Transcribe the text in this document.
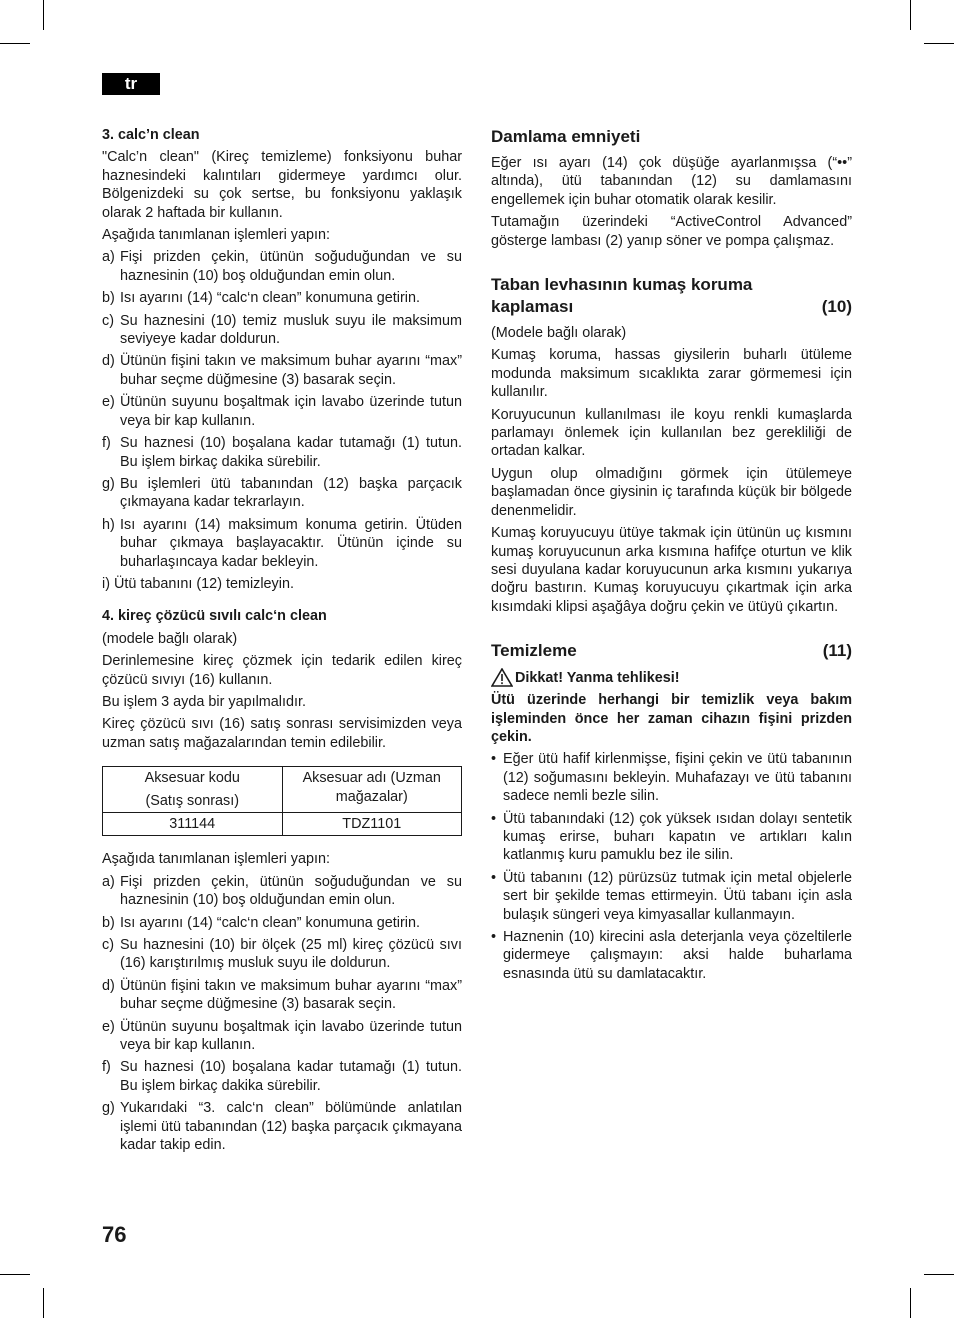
tr
3. calc’n clean

"Calc’n clean" (Kireç temizleme) fonksiyonu buhar haznesindeki kalıntıları gidermeye yardımcı olur. Bölgenizdeki su çok sertse, bu fonksiyonu yaklaşık olarak 2 haftada bir kullanın.

Aşağıda tanımlanan işlemleri yapın:

a) Fişi prizden çekin, ütünün soğuduğundan ve su haznesinin (10) boş olduğundan emin olun.
b) Isı ayarını (14) “calc‘n clean” konumuna getirin.
c) Su haznesini (10) temiz musluk suyu ile maksimum seviyeye kadar doldurun.
d) Ütünün fişini takın ve maksimum buhar ayarını “max” buhar seçme düğmesine (3) basarak seçin.
e) Ütünün suyunu boşaltmak için lavabo üzerinde tutun veya bir kap kullanın.
f) Su haznesi (10) boşalana kadar tutamağı (1) tutun. Bu işlem birkaç dakika sürebilir.
g) Bu işlemleri ütü tabanından (12) başka parçacık çıkmayana kadar tekrarlayın.
h) Isı ayarını (14) maksimum konuma getirin. Ütüden buhar çıkmaya başlayacaktır. Ütünün içinde su buharlaşıncaya kadar bekleyin.

i) Ütü tabanını (12) temizleyin.

4. kireç çözücü sıvılı calc‘n clean

(modele bağlı olarak)

Derinlemesine kireç çözmek için tedarik edilen kireç çözücü sıvıyı (16) kullanın.

Bu işlem 3 ayda bir yapılmalıdır.

Kireç çözücü sıvı (16) satış sonrası servisimizden veya uzman satış mağazalarından temin edilebilir.

Aksesuar kodu
(Satış sonrası)	Aksesuar adı (Uzman mağazalar)
311144	TDZ1101

Aşağıda tanımlanan işlemleri yapın:

a) Fişi prizden çekin, ütünün soğuduğundan ve su haznesinin (10) boş olduğundan emin olun.
b) Isı ayarını (14) “calc‘n clean” konumuna getirin.
c) Su haznesini (10) bir ölçek (25 ml) kireç çözücü sıvı (16) karıştırılmış musluk suyu ile doldurun.
d) Ütünün fişini takın ve maksimum buhar ayarını “max” buhar seçme düğmesine (3) basarak seçin.
e) Ütünün suyunu boşaltmak için lavabo üzerinde tutun veya bir kap kullanın.
f) Su haznesi (10) boşalana kadar tutamağı (1) tutun. Bu işlem birkaç dakika sürebilir.
g) Yukarıdaki “3. calc‘n clean” bölümünde anlatılan işlemi ütü tabanından (12) başka parçacık çıkmayana kadar takip edin.
Damlama emniyeti

Eğer ısı ayarı (14) çok düşüğe ayarlanmışsa (“••” altında), ütü tabanından (12) su damlamasını engellemek için buhar otomatik olarak kesilir.

Tutamağın üzerindeki “ActiveControl Advanced” gösterge lambası (2) yanıp söner ve pompa çalışmaz.

Taban levhasının kumaş koruma
kaplaması	(10)

(Modele bağlı olarak)

Kumaş koruma, hassas giysilerin buharlı ütüleme modunda maksimum sıcaklıkta zarar görmemesi için kullanılır.

Koruyucunun kullanılması ile koyu renkli kumaşlarda parlamayı önlemek için kullanılan bez gerekliliği de ortadan kalkar.

Uygun olup olmadığını görmek için ütülemeye başlamadan önce giysinin iç tarafında küçük bir bölgede denenmelidir.

Kumaş koruyucuyu ütüye takmak için ütünün uç kısmını kumaş koruyucunun arka kısmına hafifçe oturtun ve klik sesi duyulana kadar koruyucunun arka kısmını yukarıya doğru bastırın. Kumaş koruyucuyu çıkartmak için arka kısımdaki klipsi aşağâya doğru çekin ve ütüyü çıkartın.

Temizleme	(11)
Dikkat! Yanma tehlikesi!

Ütü üzerinde herhangi bir temizlik veya bakım işleminden önce her zaman cihazın fişini prizden çekin.

• Eğer ütü hafif kirlenmişse, fişini çekin ve ütü tabanının (12) soğumasını bekleyin. Muhafazayı ve ütü tabanını sadece nemli bezle silin.
• Ütü tabanındaki (12) çok yüksek ısıdan dolayı sentetik kumaş erirse, buharı kapatın ve artıkları kalın katlanmış kuru pamuklu bez ile silin.
• Ütü tabanını (12) pürüzsüz tutmak için metal objelerle sert bir şekilde temas ettirmeyin. Ütü tabanı için asla bulaşık süngeri veya kimyasallar kullanmayın.
• Haznenin (10) kirecini asla deterjanla veya çözeltilerle gidermeye çalışmayın: aksi halde buharlama esnasında ütü su damlatacaktır.
76
